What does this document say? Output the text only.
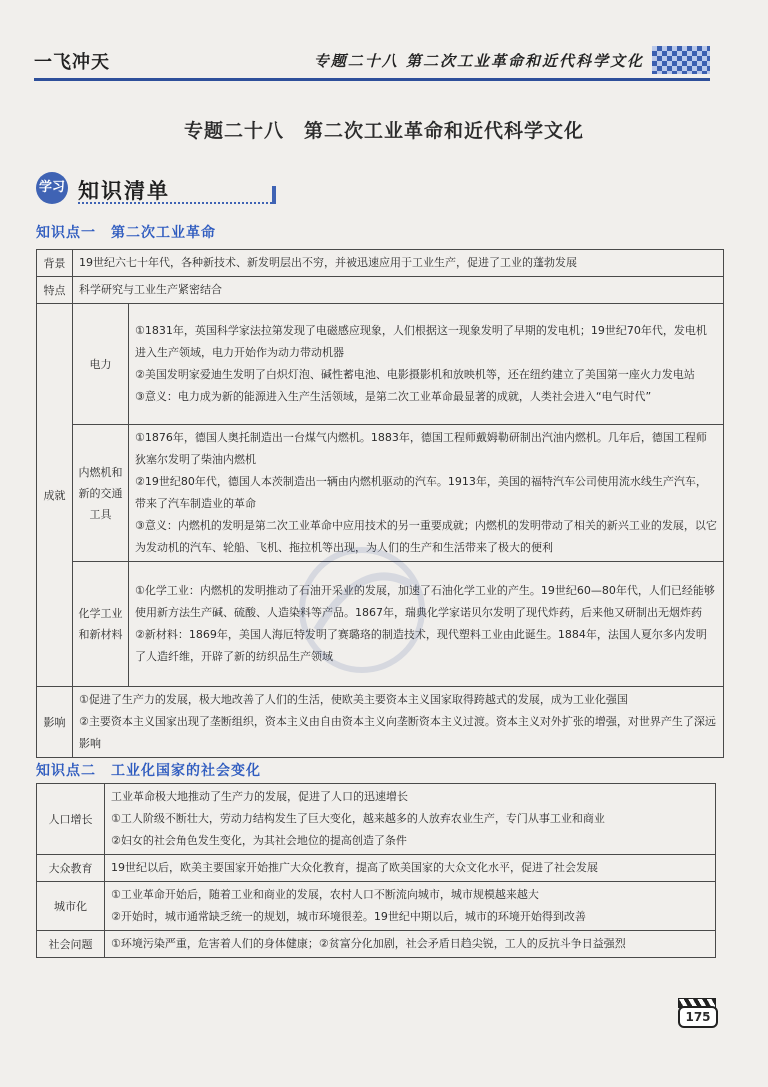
一飞冲天	专题二十八 第二次工业革命和近代科学文化
专题二十八　第二次工业革命和近代科学文化
学习 知识清单
知识点一　第二次工业革命
背景	19世纪六七十年代，各种新技术、新发明层出不穷，并被迅速应用于工业生产，促进了工业的蓬勃发展	
特点	科学研究与工业生产紧密结合	
成就	电力	①1831年，英国科学家法拉第发现了电磁感应现象，人们根据这一现象发明了早期的发电机；19世纪70年代，发电机进入生产领域，电力开始作为动力带动机器
②美国发明家爱迪生发明了白炽灯泡、碱性蓄电池、电影摄影机和放映机等，还在纽约建立了美国第一座火力发电站
③意义：电力成为新的能源进入生产生活领域，是第二次工业革命最显著的成就，人类社会进入“电气时代”

	内燃机和新的交通工具	①1876年，德国人奥托制造出一台煤气内燃机。1883年，德国工程师戴姆勒研制出汽油内燃机。几年后，德国工程师狄塞尔发明了柴油内燃机
②19世纪80年代，德国人本茨制造出一辆由内燃机驱动的汽车。1913年，美国的福特汽车公司使用流水线生产汽车，带来了汽车制造业的革命
③意义：内燃机的发明是第二次工业革命中应用技术的另一重要成就；内燃机的发明带动了相关的新兴工业的发展，以它为发动机的汽车、轮船、飞机、拖拉机等出现，为人们的生产和生活带来了极大的便利

	化学工业和新材料	①化学工业：内燃机的发明推动了石油开采业的发展，加速了石油化学工业的产生。19世纪60—80年代，人们已经能够使用新方法生产碱、硫酸、人造染料等产品。1867年，瑞典化学家诺贝尔发明了现代炸药，后来他又研制出无烟炸药
②新材料：1869年，美国人海厄特发明了赛璐珞的制造技术，现代塑料工业由此诞生。1884年，法国人夏尔多内发明了人造纤维，开辟了新的纺织品生产领域

影响	①促进了生产力的发展，极大地改善了人们的生活，使欧美主要资本主义国家取得跨越式的发展，成为工业化强国
②主要资本主义国家出现了垄断组织，资本主义由自由资本主义向垄断资本主义过渡。资本主义对外扩张的增强，对世界产生了深远影响	
知识点二　工业化国家的社会变化
人口增长	工业革命极大地推动了生产力的发展，促进了人口的迅速增长
①工人阶级不断壮大，劳动力结构发生了巨大变化，越来越多的人放弃农业生产，专门从事工业和商业
②妇女的社会角色发生变化，为其社会地位的提高创造了条件

大众教育	19世纪以后，欧美主要国家开始推广大众化教育，提高了欧美国家的大众文化水平，促进了社会发展

城市化	①工业革命开始后，随着工业和商业的发展，农村人口不断流向城市，城市规模越来越大
②开始时，城市通常缺乏统一的规划，城市环境很差。19世纪中期以后，城市的环境开始得到改善

社会问题	①环境污染严重，危害着人们的身体健康；②贫富分化加剧，社会矛盾日趋尖锐，工人的反抗斗争日益强烈
175
